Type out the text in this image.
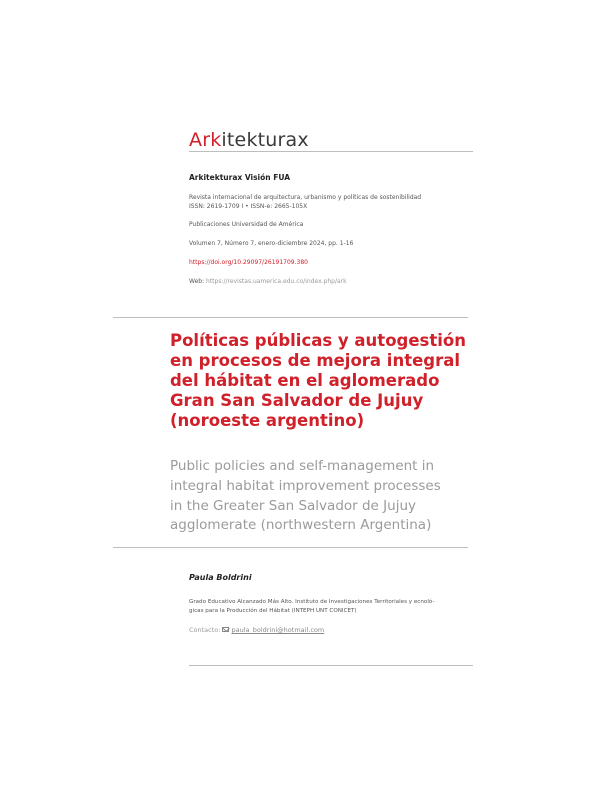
Arkitekturax
Arkitekturax Visión FUA
Revista internacional de arquitectura, urbanismo y políticas de sostenibilidad
ISSN: 2619-1709 I • ISSN-e: 2665-105X
Publicaciones Universidad de América
Volumen 7, Número 7, enero-diciembre 2024, pp. 1-16
https://doi.org/10.29097/26191709.380
Web: https://revistas.uamerica.edu.co/index.php/ark
Políticas públicas y autogestión
en procesos de mejora integral
del hábitat en el aglomerado
Gran San Salvador de Jujuy
(noroeste argentino)
Public policies and self-management in
integral habitat improvement processes
in the Greater San Salvador de Jujuy
agglomerate (northwestern Argentina)
Paula Boldrini
Grado Educativo Alcanzado Más Alto. Instituto de Investigaciones Territoriales y ecnoló-
gicas para la Producción del Hábitat (INTEPH UNT CONICET)
Contacto: paula_boldrini@hotmail.com
